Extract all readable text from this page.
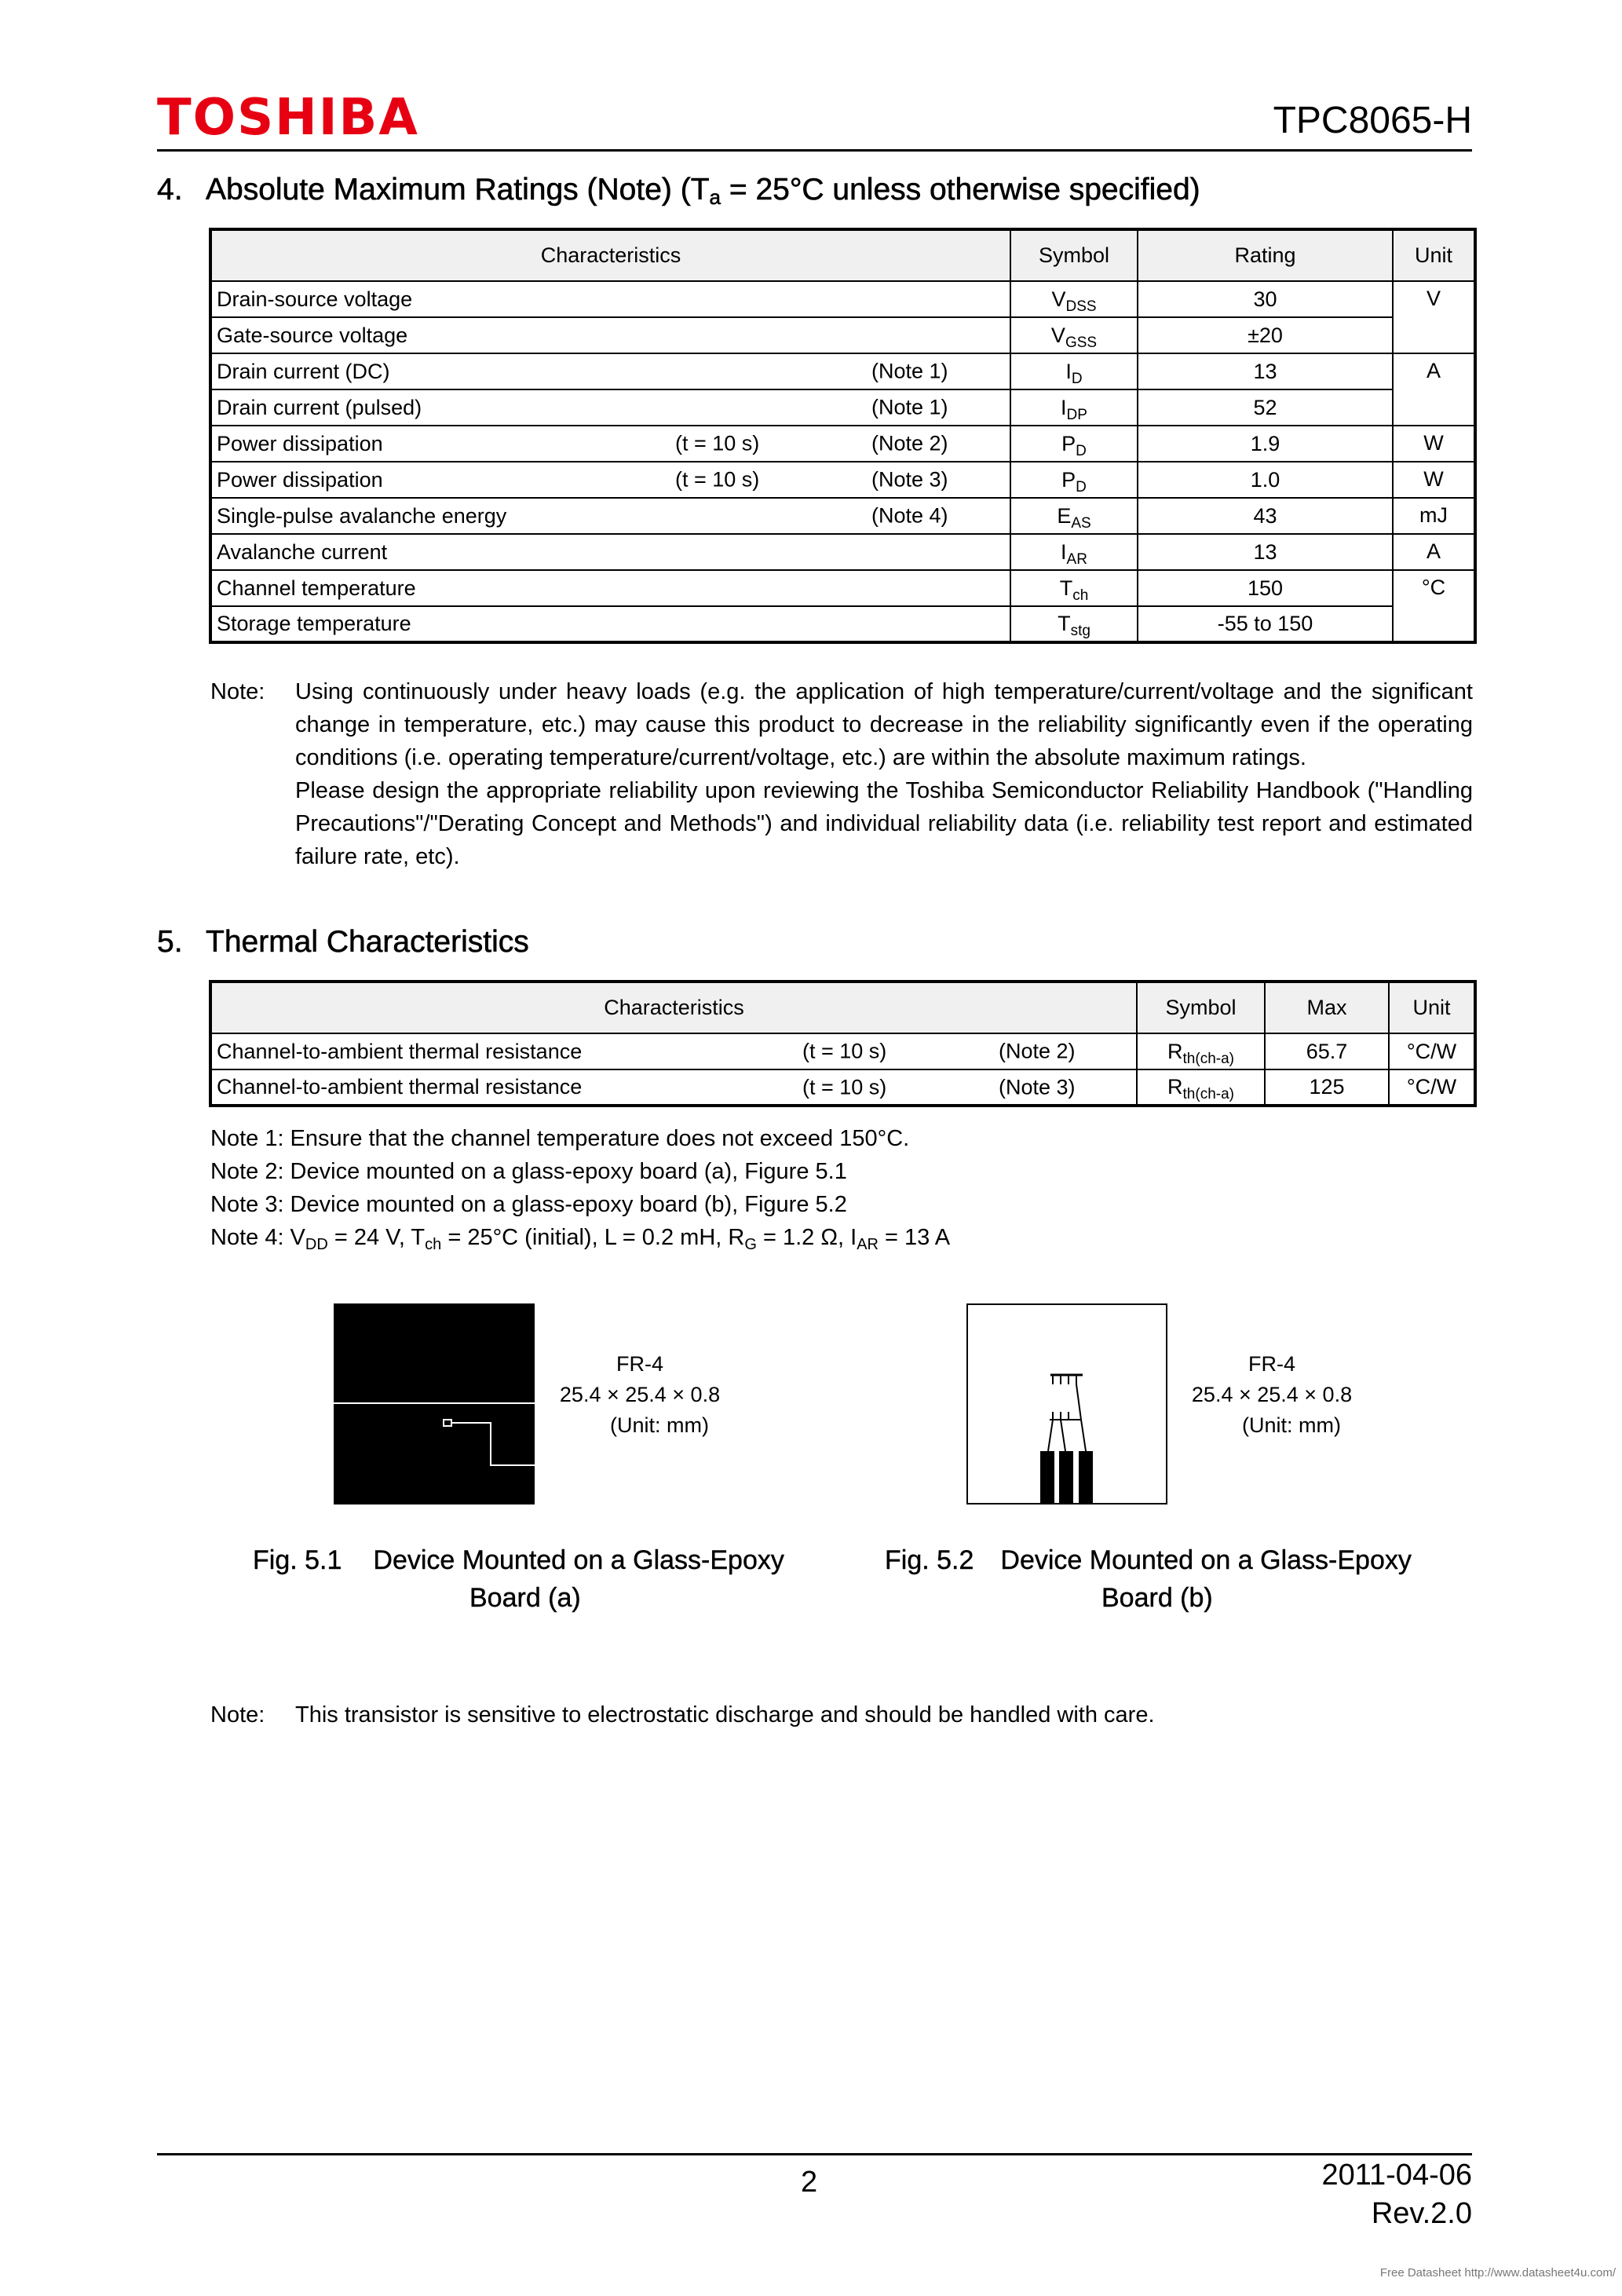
TOSHIBA	TPC8065-H
4. Absolute Maximum Ratings (Note) ($T_a = 25^\circ C$ unless otherwise specified)
Characteristics	Symbol	Rating	Unit
Drain-source voltage	$V_{DSS}$	30	V
Gate-source voltage	$V_{GSS}$	±20	
Drain current (DC) (Note 1)	$I_D$	13	A
Drain current (pulsed) (Note 1)	$I_{DP}$	52	
Power dissipation (t = 10 s) (Note 2)	$P_D$	1.9	W
Power dissipation (t = 10 s) (Note 3)	$P_D$	1.0	W
Single-pulse avalanche energy (Note 4)	$E_{AS}$	43	mJ
Avalanche current	$I_{AR}$	13	A
Channel temperature	$T_{ch}$	150	°C
Storage temperature	$T_{stg}$	-55 to 150	
Note: Using continuously under heavy loads (e.g. the application of high temperature/current/voltage and the significant change in temperature, etc.) may cause this product to decrease in the reliability significantly even if the operating conditions (i.e. operating temperature/current/voltage, etc.) are within the absolute maximum ratings.
Please design the appropriate reliability upon reviewing the Toshiba Semiconductor Reliability Handbook ("Handling Precautions"/"Derating Concept and Methods") and individual reliability data (i.e. reliability test report and estimated failure rate, etc).
5. Thermal Characteristics
Characteristics	Symbol	Max	Unit
Channel-to-ambient thermal resistance (t = 10 s) (Note 2)	$R_{th(ch-a)}$	65.7	°C/W
Channel-to-ambient thermal resistance (t = 10 s) (Note 3)	$R_{th(ch-a)}$	125	°C/W
Note 1: Ensure that the channel temperature does not exceed 150°C.
Note 2: Device mounted on a glass-epoxy board (a), Figure 5.1
Note 3: Device mounted on a glass-epoxy board (b), Figure 5.2
Note 4: $V_{DD} = 24$ V, $T_{ch} = 25^\circ C$ (initial), L = 0.2 mH, $R_G = 1.2$ Ω, $I_{AR} = 13$ A
FR-4
25.4 × 25.4 × 0.8
(Unit: mm)
Fig. 5.1 Device Mounted on a Glass-Epoxy
Board (a)
FR-4
25.4 × 25.4 × 0.8
(Unit: mm)
Fig. 5.2 Device Mounted on a Glass-Epoxy
Board (b)
Note: This transistor is sensitive to electrostatic discharge and should be handled with care.
2	2011-04-06
Rev.2.0
Free Datasheet http://www.datasheet4u.com/
